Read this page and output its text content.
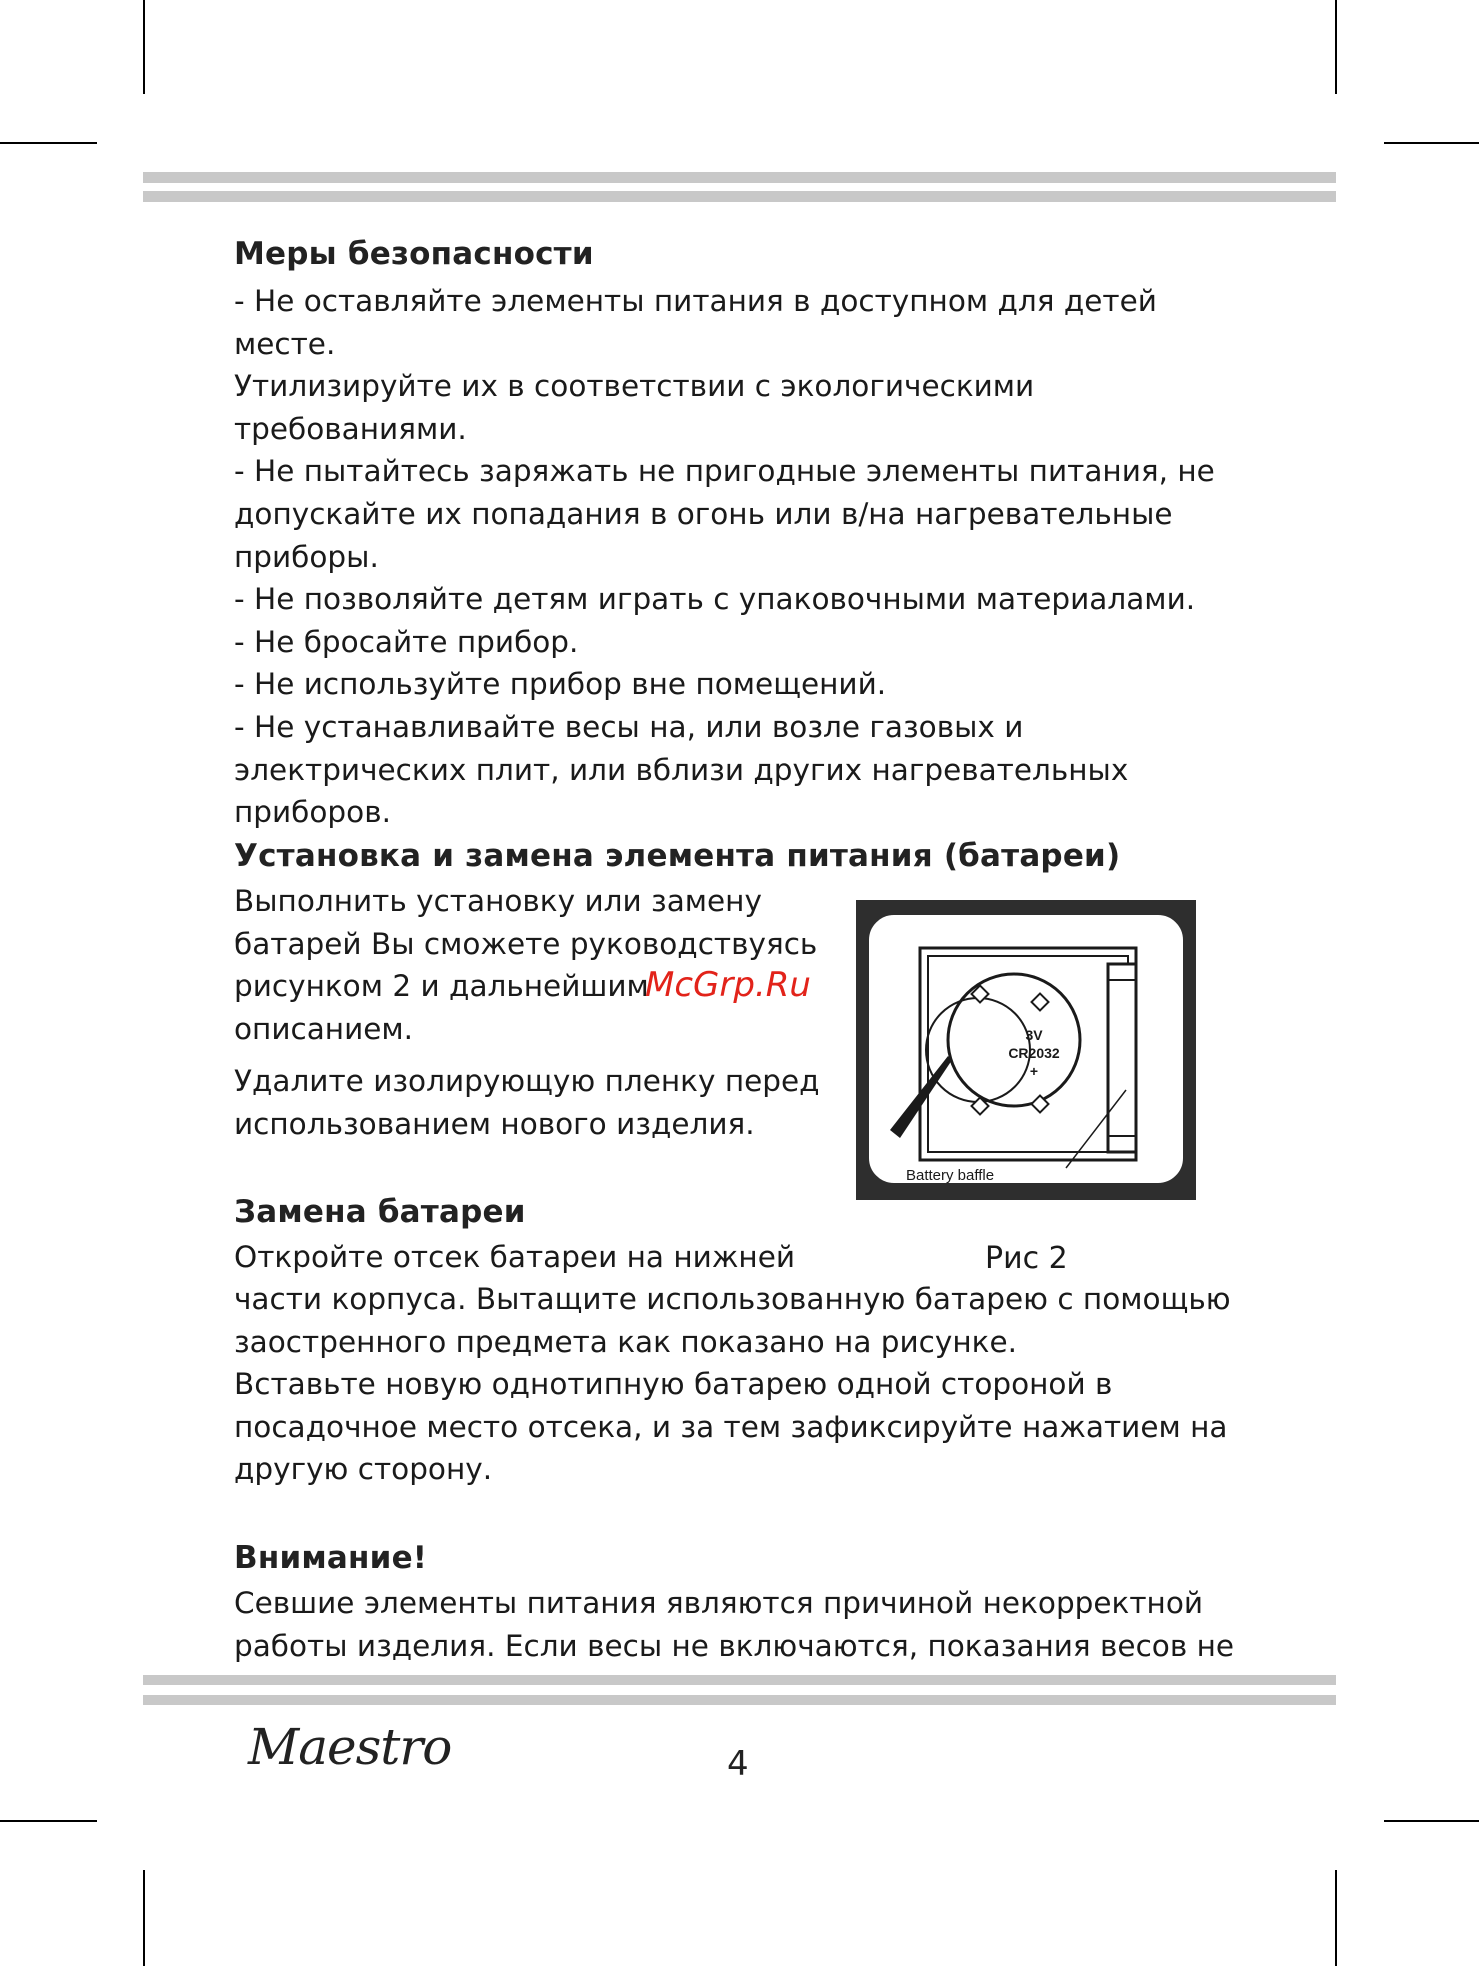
Меры безопасности

- Не оставляйте элементы питания в доступном для детей месте.
Утилизируйте их в соответствии с экологическими
требованиями.
- Не пытайтесь заряжать не пригодные элементы питания, не
допускайте их попадания в огонь или в/на нагревательные
приборы.
- Не позволяйте детям играть с упаковочными материалами.
- Не бросайте прибор.
- Не используйте прибор вне помещений.
- Не устанавливайте весы на, или возле газовых и
электрических плит, или вблизи других нагревательных
приборов.

Установка и замена элемента питания (батареи)

Выполнить установку или замену
батарей Вы сможете руководствуясь
рисунком 2 и дальнейшим описанием.

Удалите изолирующую пленку перед
использованием нового изделия.

3V
CR2032
+
Battery baffle
McGrp.Ru
Рис 2
Замена батареи

Откройте отсек батареи на нижней

части корпуса. Вытащите использованную батарею с помощью
заостренного предмета как показано на рисунке.
Вставьте новую однотипную батарею одной стороной в
посадочное место отсека, и за тем зафиксируйте нажатием на
другую сторону.

Внимание!

Севшие элементы питания являются причиной некорректной
работы изделия. Если весы не включаются, показания весов не

Maestro	4
